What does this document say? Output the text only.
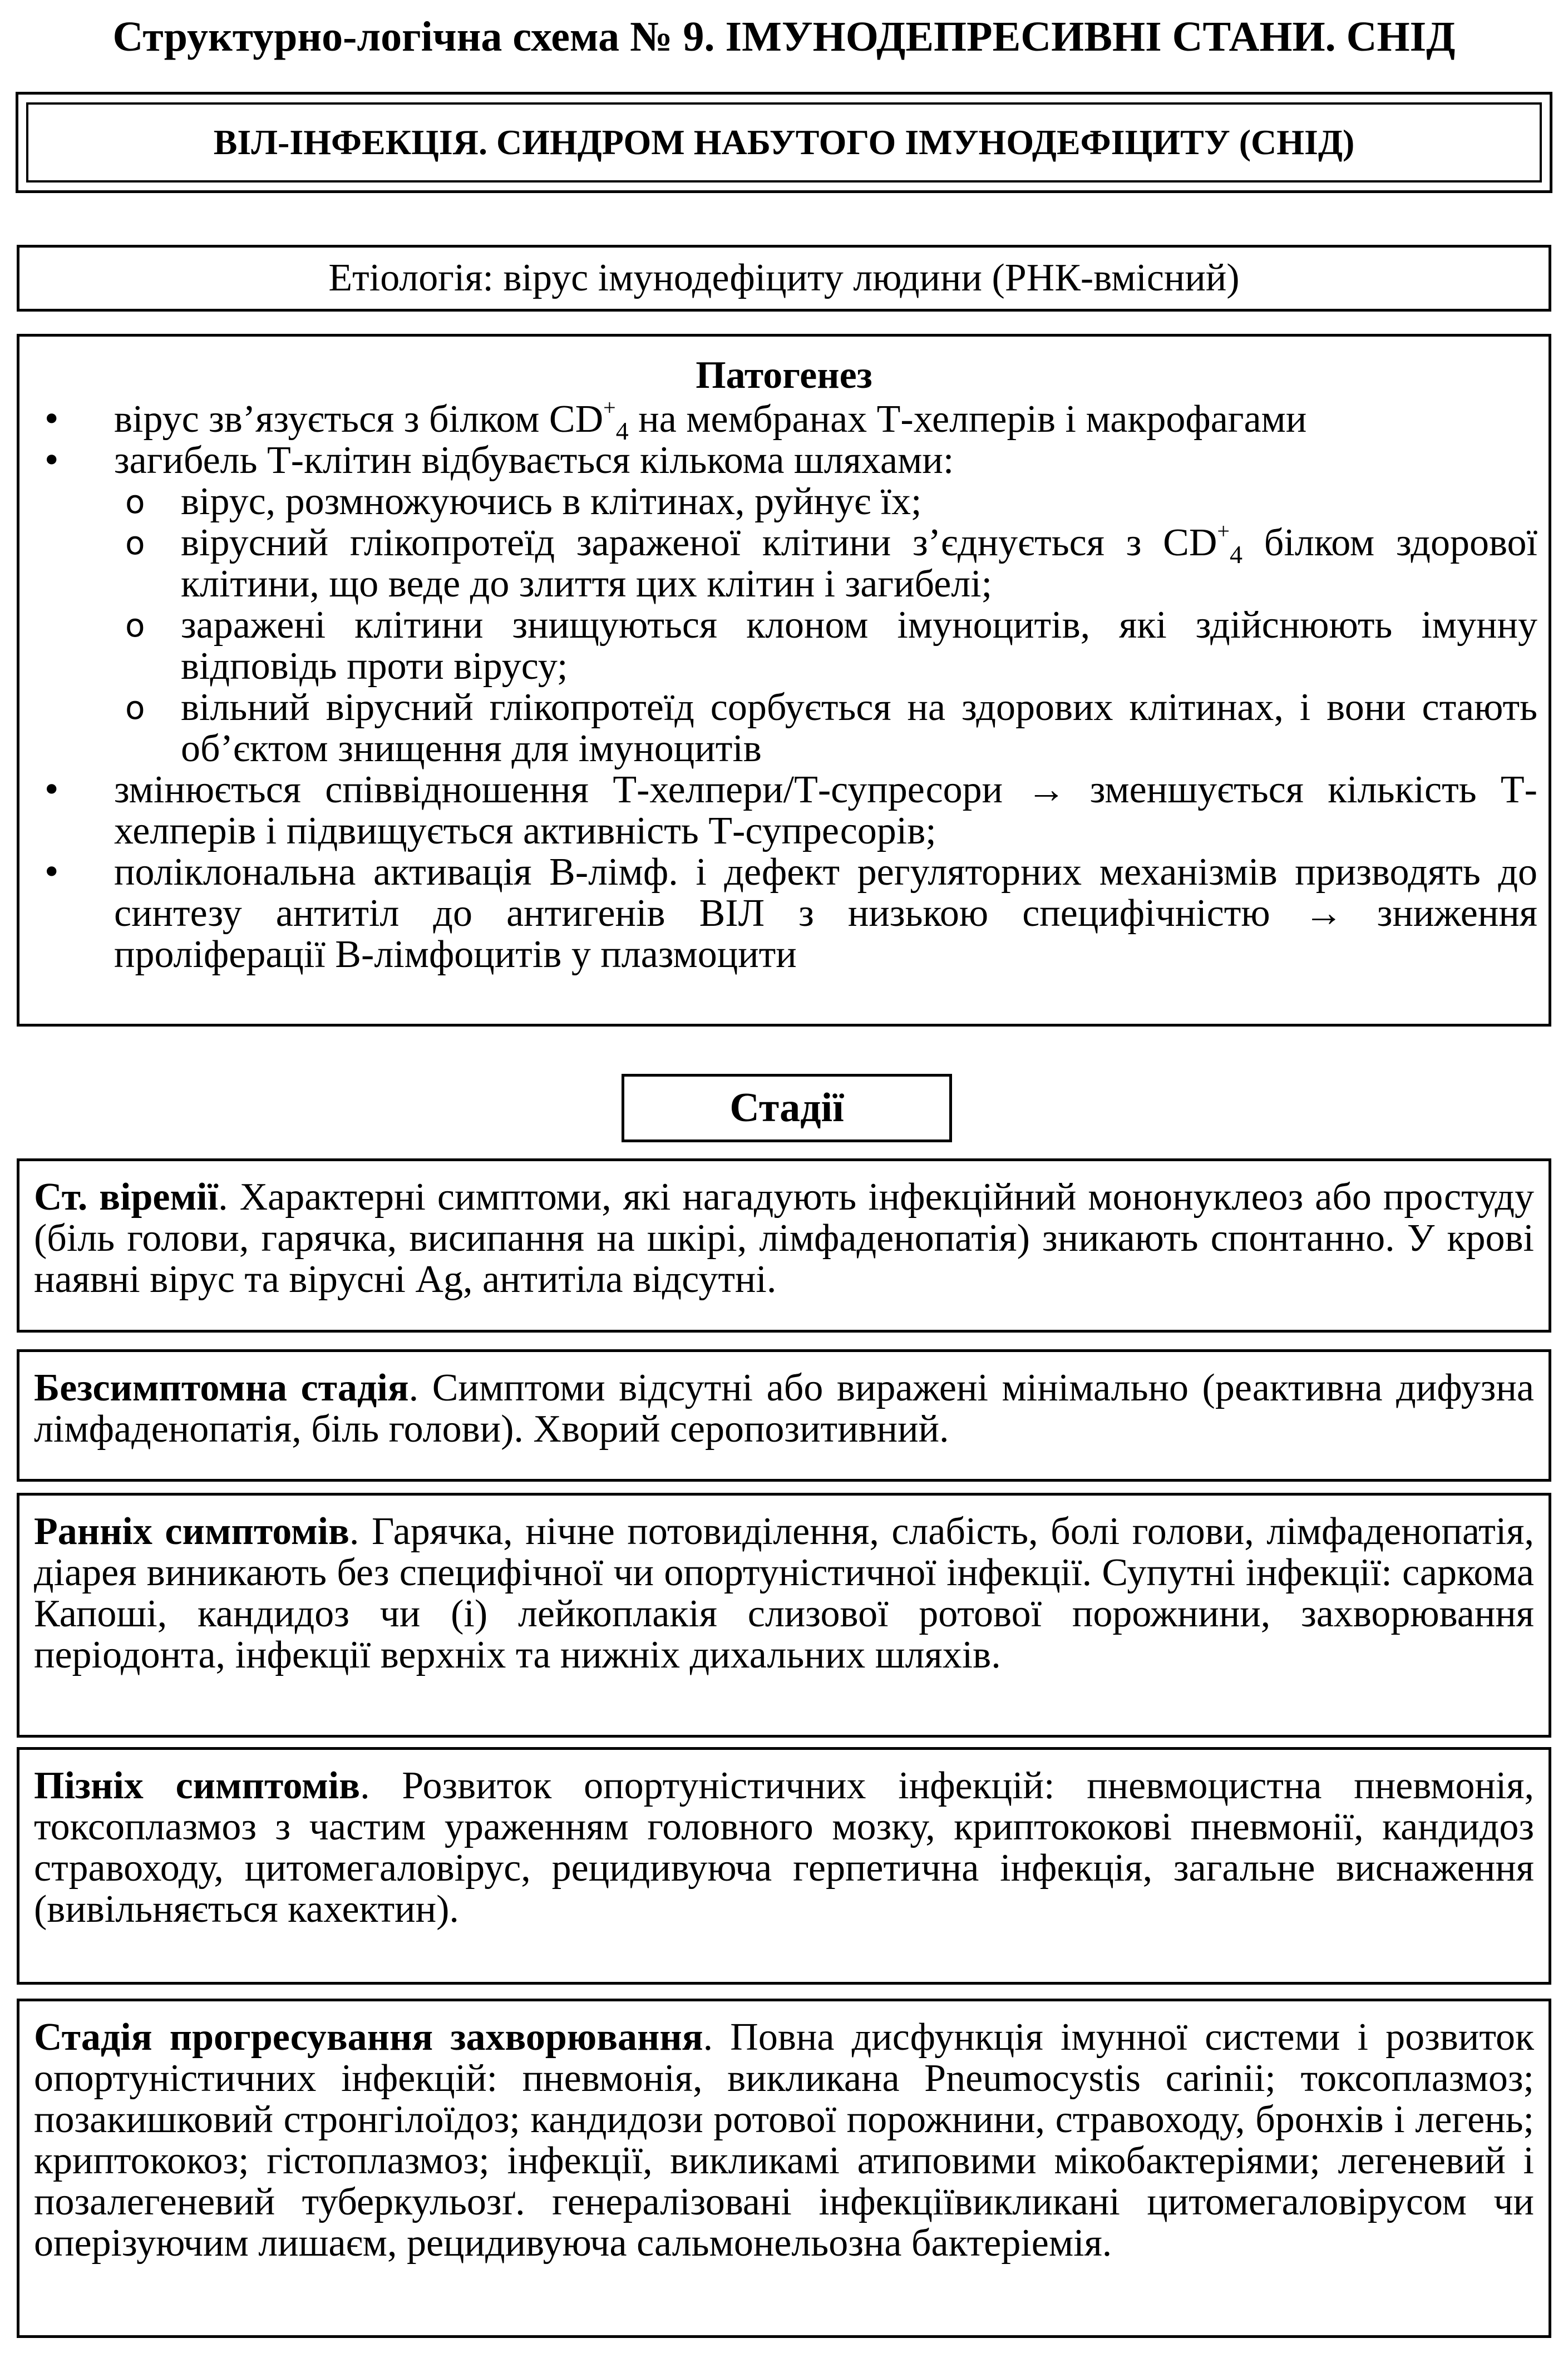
Структурно-логічна схема № 9. ІМУНОДЕПРЕСИВНІ СТАНИ. СНІД
ВІЛ-ІНФЕКЦІЯ. СИНДРОМ НАБУТОГО ІМУНОДЕФІЦИТУ (СНІД)
Етіологія: вірус імунодефіциту людини (РНК-вмісний)
Патогенез
• вірус зв’язується з білком $CD^+_4$ на мембранах Т-хелперів і макрофагами
• загибель Т-клітин відбувається кількома шляхами:
o вірус, розмножуючись в клітинах, руйнує їх;
o вірусний глікопротеїд зараженої клітини з’єднується з $CD^+_4$ білком здорової клітини, що веде до злиття цих клітин і загибелі;
o заражені клітини знищуються клоном імуноцитів, які здійснюють імунну відповідь проти вірусу;
o вільний вірусний глікопротеїд сорбується на здорових клітинах, і вони стають об’єктом знищення для імуноцитів
• змінюється співвідношення Т-хелпери/Т-супресори → зменшується кількість Т-хелперів і підвищується активність Т-супресорів;
• поліклональна активація В-лімф. і дефект регуляторних механізмів призводять до синтезу антитіл до антигенів ВІЛ з низькою специфічністю → зниження проліферації В-лімфоцитів у плазмоцити
Стадії
Ст. віремії. Характерні симптоми, які нагадують інфекційний мононуклеоз або простуду (біль голови, гарячка, висипання на шкірі, лімфаденопатія) зникають спонтанно. У крові наявні вірус та вірусні Ag, антитіла відсутні.
Безсимптомна стадія. Симптоми відсутні або виражені мінімально (реактивна дифузна лімфаденопатія, біль голови). Хворий серопозитивний.
Ранніх симптомів. Гарячка, нічне потовиділення, слабість, болі голови, лімфаденопатія, діарея виникають без специфічної чи опортуністичної інфекції. Супутні інфекції: саркома Капоші, кандидоз чи (і) лейкоплакія слизової ротової порожнини, захворювання періодонта, інфекції верхніх та нижніх дихальних шляхів.
Пізніх симптомів. Розвиток опортуністичних інфекцій: пневмоцистна пневмонія, токсоплазмоз з частим ураженням головного мозку, криптококові пневмонії, кандидоз стравоходу, цитомегаловірус, рецидивуюча герпетична інфекція, загальне виснаження (вивільняється кахектин).
Стадія прогресування захворювання. Повна дисфункція імунної системи і розвиток опортуністичних інфекцій: пневмонія, викликана Pneumocystis carinii; токсоплазмоз; позакишковий стронгілоїдоз; кандидози ротової порожнини, стравоходу, бронхів і легень; криптококоз; гістоплазмоз; інфекції, викликамі атиповими мікобактеріями; легеневий і позалегеневий туберкульозґ. генералізовані інфекціївикликані цитомегаловірусом чи оперізуючим лишаєм, рецидивуюча сальмонельозна бактеріемія.
